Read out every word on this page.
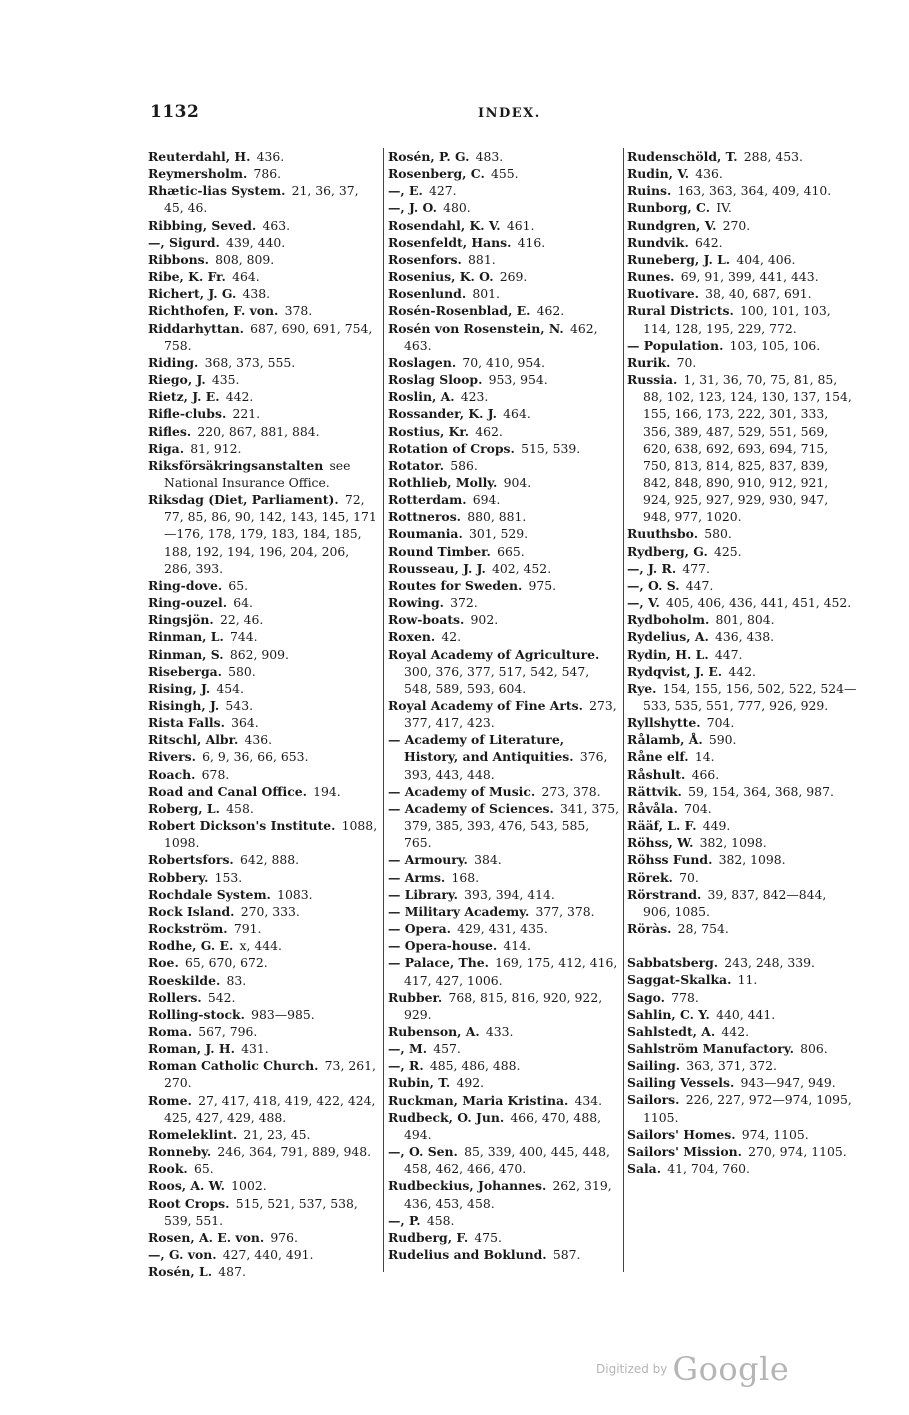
1132	INDEX.

Reuterdahl, H.  436.

Reymersholm.  786.

Rhætic-lias System.  21, 36, 37, 45, 46.

Ribbing, Seved.  463.

—, Sigurd.  439, 440.

Ribbons.  808, 809.

Ribe, K. Fr.  464.

Richert, J. G.  438.

Richthofen, F. von.  378.

Riddarhyttan.  687, 690, 691, 754, 758.

Riding.  368, 373, 555.

Riego, J.  435.

Rietz, J. E.  442.

Rifle-clubs.  221.

Rifles.  220, 867, 881, 884.

Riga.  81, 912.

Riksförsäkringsanstalten  see National Insurance Office.

Riksdag (Diet, Parliament).  72, 77, 85, 86, 90, 142, 143, 145, 171—176, 178, 179, 183, 184, 185, 188, 192, 194, 196, 204, 206, 286, 393.

Ring-dove.  65.

Ring-ouzel.  64.

Ringsjön.  22, 46.

Rinman, L.  744.

Rinman, S.  862, 909.

Riseberga.  580.

Rising, J.  454.

Risingh, J.  543.

Rista Falls.  364.

Ritschl, Albr.  436.

Rivers.  6, 9, 36, 66, 653.

Roach.  678.

Road and Canal Office.  194.

Roberg, L.  458.

Robert Dickson's Institute.  1088, 1098.

Robertsfors.  642, 888.

Robbery.  153.

Rochdale System.  1083.

Rock Island.  270, 333.

Rockström.  791.

Rodhe, G. E.  x, 444.

Roe.  65, 670, 672.

Roeskilde.  83.

Rollers.  542.

Rolling-stock.  983—985.

Roma.  567, 796.

Roman, J. H.  431.

Roman Catholic Church.  73, 261, 270.

Rome.  27, 417, 418, 419, 422, 424, 425, 427, 429, 488.

Romeleklint.  21, 23, 45.

Ronneby.  246, 364, 791, 889, 948.

Rook.  65.

Roos, A. W.  1002.

Root Crops.  515, 521, 537, 538, 539, 551.

Rosen, A. E. von.  976.

—, G. von.  427, 440, 491.

Rosén, L.  487.

Rosén, P. G.  483.

Rosenberg, C.  455.

—, E.  427.

—, J. O.  480.

Rosendahl, K. V.  461.

Rosenfeldt, Hans.  416.

Rosenfors.  881.

Rosenius, K. O.  269.

Rosenlund.  801.

Rosén-Rosenblad, E.  462.

Rosén von Rosenstein, N.  462, 463.

Roslagen.  70, 410, 954.

Roslag Sloop.  953, 954.

Roslin, A.  423.

Rossander, K. J.  464.

Rostius, Kr.  462.

Rotation of Crops.  515, 539.

Rotator.  586.

Rothlieb, Molly.  904.

Rotterdam.  694.

Rottneros.  880, 881.

Roumania.  301, 529.

Round Timber.  665.

Rousseau, J. J.  402, 452.

Routes for Sweden.  975.

Rowing.  372.

Row-boats.  902.

Roxen.  42.

Royal Academy of Agriculture. 300, 376, 377, 517, 542, 547, 548, 589, 593, 604.

Royal Academy of Fine Arts.  273, 377, 417, 423.

— Academy of Literature, History, and Antiquities.  376, 393, 443, 448.

— Academy of Music.  273, 378.

— Academy of Sciences.  341, 375, 379, 385, 393, 476, 543, 585, 765.

— Armoury.  384.

— Arms.  168.

— Library.  393, 394, 414.

— Military Academy.  377, 378.

— Opera.  429, 431, 435.

— Opera-house.  414.

— Palace, The.  169, 175, 412, 416, 417, 427, 1006.

Rubber.  768, 815, 816, 920, 922, 929.

Rubenson, A.  433.

—, M.  457.

—, R.  485, 486, 488.

Rubin, T.  492.

Ruckman, Maria Kristina.  434.

Rudbeck, O. Jun.  466, 470, 488, 494.

—, O. Sen.  85, 339, 400, 445, 448, 458, 462, 466, 470.

Rudbeckius, Johannes.  262, 319, 436, 453, 458.

—, P.  458.

Rudberg, F.  475.

Rudelius and Boklund.  587.

Rudenschöld, T.  288, 453.

Rudin, V.  436.

Ruins.  163, 363, 364, 409, 410.

Runborg, C.  IV.

Rundgren, V.  270.

Rundvik.  642.

Runeberg, J. L.  404, 406.

Runes.  69, 91, 399, 441, 443.

Ruotivare.  38, 40, 687, 691.

Rural Districts.  100, 101, 103, 114, 128, 195, 229, 772.

— Population.  103, 105, 106.

Rurik.  70.

Russia.  1, 31, 36, 70, 75, 81, 85, 88, 102, 123, 124, 130, 137, 154, 155, 166, 173, 222, 301, 333, 356, 389, 487, 529, 551, 569, 620, 638, 692, 693, 694, 715, 750, 813, 814, 825, 837, 839, 842, 848, 890, 910, 912, 921, 924, 925, 927, 929, 930, 947, 948, 977, 1020.

Ruuthsbo.  580.

Rydberg, G.  425.

—, J. R.  477.

—, O. S.  447.

—, V.  405, 406, 436, 441, 451, 452.

Rydboholm.  801, 804.

Rydelius, A.  436, 438.

Rydin, H. L.  447.

Rydqvist, J. E.  442.

Rye.  154, 155, 156, 502, 522, 524—533, 535, 551, 777, 926, 929.

Ryllshyttе.  704.

Rålamb, Å.  590.

Råne elf.  14.

Råshult.  466.

Rättvik.  59, 154, 364, 368, 987.

Råvåla.  704.

Rääf, L. F.  449.

Röhss, W.  382, 1098.

Röhss Fund.  382, 1098.

Rörek.  70.

Rörstrand.  39, 837, 842—844, 906, 1085.

Röràs.  28, 754.

Sabbatsberg.  243, 248, 339.

Saggat-Skalka.  11.

Sago.  778.

Sahlin, C. Y.  440, 441.

Sahlstedt, A.  442.

Sahlström Manufactory.  806.

Sailing.  363, 371, 372.

Sailing Vessels.  943—947, 949.

Sailors.  226, 227, 972—974, 1095, 1105.

Sailors' Homes.  974, 1105.

Sailors' Mission.  270, 974, 1105.

Sala.  41, 704, 760.

Digitized by Google
